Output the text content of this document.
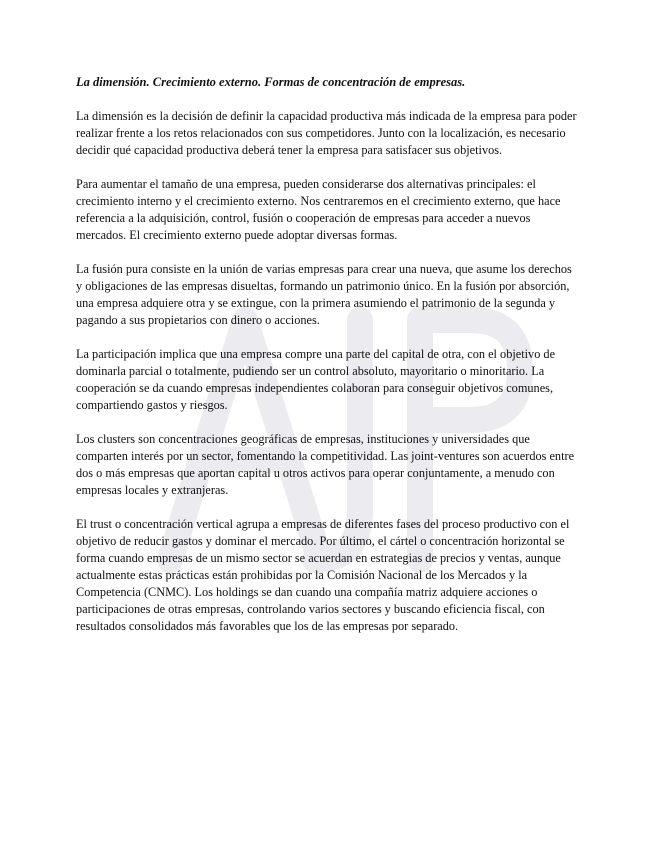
La dimensión. Crecimiento externo. Formas de concentración de empresas.

La dimensión es la decisión de definir la capacidad productiva más indicada de la empresa para poder realizar frente a los retos relacionados con sus competidores. Junto con la localización, es necesario decidir qué capacidad productiva deberá tener la empresa para satisfacer sus objetivos.

Para aumentar el tamaño de una empresa, pueden considerarse dos alternativas principales: el crecimiento interno y el crecimiento externo. Nos centraremos en el crecimiento externo, que hace referencia a la adquisición, control, fusión o cooperación de empresas para acceder a nuevos mercados. El crecimiento externo puede adoptar diversas formas.

La fusión pura consiste en la unión de varias empresas para crear una nueva, que asume los derechos y obligaciones de las empresas disueltas, formando un patrimonio único. En la fusión por absorción, una empresa adquiere otra y se extingue, con la primera asumiendo el patrimonio de la segunda y pagando a sus propietarios con dinero o acciones.

La participación implica que una empresa compre una parte del capital de otra, con el objetivo de dominarla parcial o totalmente, pudiendo ser un control absoluto, mayoritario o minoritario. La cooperación se da cuando empresas independientes colaboran para conseguir objetivos comunes, compartiendo gastos y riesgos.

Los clusters son concentraciones geográficas de empresas, instituciones y universidades que comparten interés por un sector, fomentando la competitividad. Las joint-ventures son acuerdos entre dos o más empresas que aportan capital u otros activos para operar conjuntamente, a menudo con empresas locales y extranjeras.

El trust o concentración vertical agrupa a empresas de diferentes fases del proceso productivo con el objetivo de reducir gastos y dominar el mercado. Por último, el cártel o concentración horizontal se forma cuando empresas de un mismo sector se acuerdan en estrategias de precios y ventas, aunque actualmente estas prácticas están prohibidas por la Comisión Nacional de los Mercados y la Competencia (CNMC). Los holdings se dan cuando una compañía matriz adquiere acciones o participaciones de otras empresas, controlando varios sectores y buscando eficiencia fiscal, con resultados consolidados más favorables que los de las empresas por separado.
